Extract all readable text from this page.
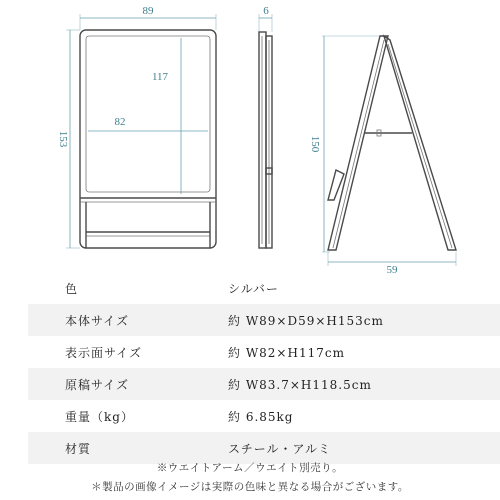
89
117
82
153
6
150
59
色	シルバー
本体サイズ	約 W89×D59×H153cm
表示面サイズ	約 W82×H117cm
原稿サイズ	約 W83.7×H118.5cm
重量（kg）	約 6.85kg
材質	スチール・アルミ
※ウエイトアーム／ウエイト別売り。
＊製品の画像イメージは実際の色味と異なる場合がございます。
